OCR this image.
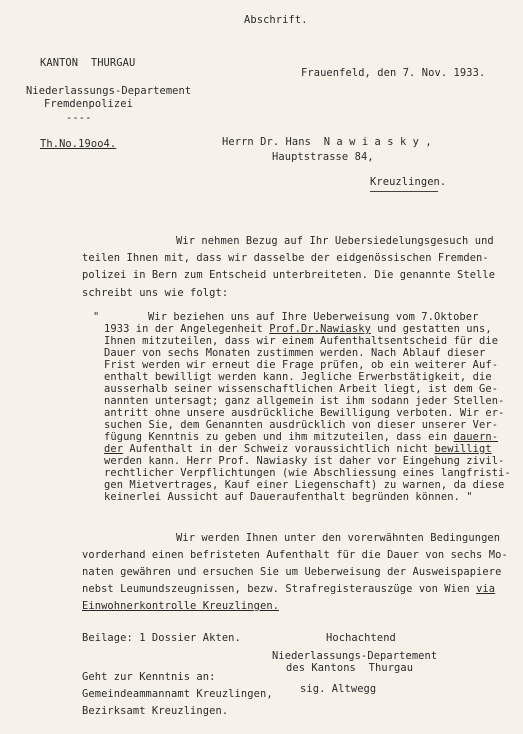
Abschrift.
KANTON  THURGAU
Frauenfeld, den 7. Nov. 1933.
Niederlassungs-Departement
Fremdenpolizei
----
Th.No.19oo4.	Herrn Dr. Hans  N a w i a s k y ,
Hauptstrasse 84,
Kreuzlingen.
Wir nehmen Bezug auf Ihr Uebersiedelungsgesuch und
teilen Ihnen mit, dass wir dasselbe der eidgenössischen Fremden-
polizei in Bern zum Entscheid unterbreiteten. Die genannte Stelle
schreibt uns wie folgt:
"	Wir beziehen uns auf Ihre Ueberweisung vom 7.Oktober
1933 in der Angelegenheit Prof.Dr.Nawiasky und gestatten uns,
Ihnen mitzuteilen, dass wir einem Aufenthaltsentscheid für die
Dauer von sechs Monaten zustimmen werden. Nach Ablauf dieser
Frist werden wir erneut die Frage prüfen, ob ein weiterer Auf-
enthalt bewilligt werden kann. Jegliche Erwerbstätigkeit, die
ausserhalb seiner wissenschaftlichen Arbeit liegt, ist dem Ge-
nannten untersagt; ganz allgemein ist ihm sodann jeder Stellen-
antritt ohne unsere ausdrückliche Bewilligung verboten. Wir er-
suchen Sie, dem Genannten ausdrücklich von dieser unserer Ver-
fügung Kenntnis zu geben und ihm mitzuteilen, dass ein dauern-
der Aufenthalt in der Schweiz voraussichtlich nicht bewilligt
werden kann. Herr Prof. Nawiasky ist daher vor Eingehung zivil-
rechtlicher Verpflichtungen (wie Abschliessung eines langfristi-
gen Mietvertrages, Kauf einer Liegenschaft) zu warnen, da diese
keinerlei Aussicht auf Daueraufenthalt begründen können. "
Wir werden Ihnen unter den vorerwähnten Bedingungen
vorderhand einen befristeten Aufenthalt für die Dauer von sechs Mo-
naten gewähren und ersuchen Sie um Ueberweisung der Ausweispapiere
nebst Leumundszeugnissen, bezw. Strafregisterauszüge von Wien via
Einwohnerkontrolle Kreuzlingen.
Beilage: 1 Dossier Akten.	Hochachtend
Niederlassungs-Departement
des Kantons  Thurgau
sig. Altwegg
Geht zur Kenntnis an:
Gemeindeammannamt Kreuzlingen,
Bezirksamt Kreuzlingen.
